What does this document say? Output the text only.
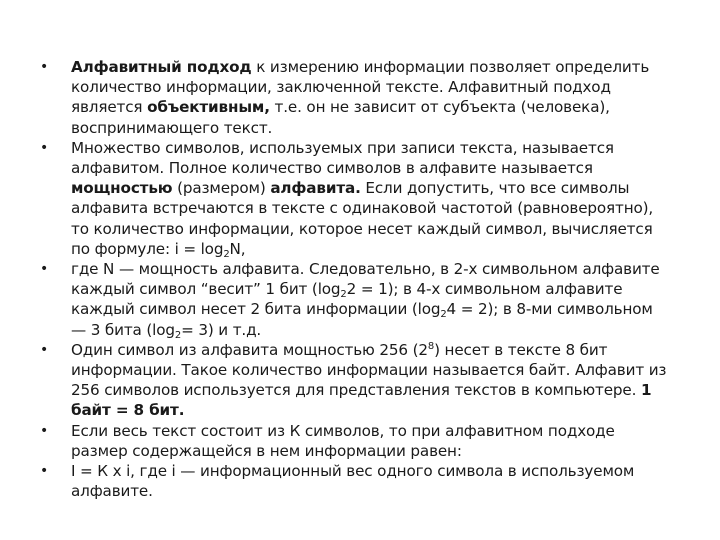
• Алфавитный подход к измерению информации позволяет определить количество информации, заключенной тексте. Алфавитный подход является объективным, т.е. он не зависит от субъекта (человека), воспринимающего текст.
• Множество символов, используемых при записи текста, называется алфавитом. Полное количество символов в алфавите называется мощностью (размером) алфавита. Если допустить, что все символы алфавита встречаются в тексте с одинаковой частотой (равновероятно), то количество информации, которое несет каждый символ, вычисляется по формуле: $i = \log_2N$,
• где N — мощность алфавита. Следовательно, в 2-х символьном алфавите каждый символ “весит” 1 бит $(\log_22 = 1)$; в 4-х символьном алфавите каждый символ несет 2 бита информации $(\log_24 = 2)$; в 8-ми символьном — 3 бита $(\log_2= 3)$ и т.д.
• Один символ из алфавита мощностью 256 $(2^8)$ несет в тексте 8 бит информации. Такое количество информации называется байт. Алфавит из 256 символов используется для представления текстов в компьютере. 1 байт = 8 бит.
• Если весь текст состоит из К символов, то при алфавитном подходе размер содержащейся в нем информации равен:
• I = К х i, где i — информационный вес одного символа в используемом алфавите.
